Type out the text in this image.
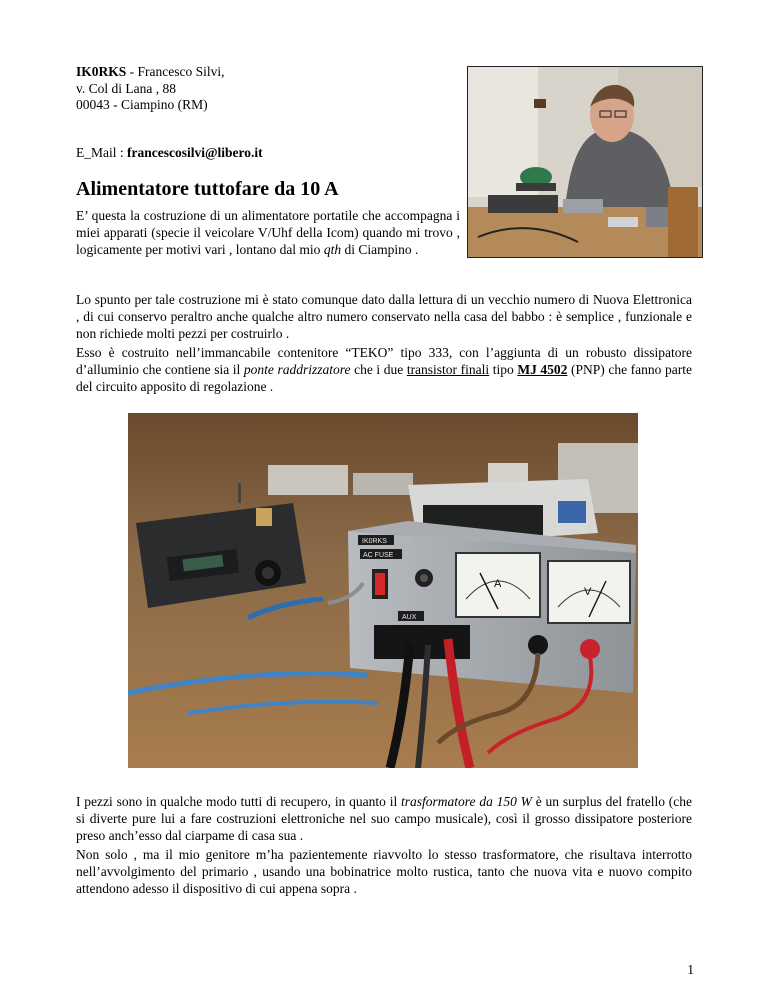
IK0RKS - Francesco Silvi,
v. Col di Lana , 88
00043 - Ciampino (RM)
E_Mail : francescosilvi@libero.it
Alimentatore tuttofare da 10 A

E’ questa la costruzione di un alimentatore portatile che accompagna i miei apparati (specie il veicolare V/Uhf della Icom) quando mi trovo , logicamente per motivi vari , lontano dal mio qth di Ciampino .

Lo spunto per tale costruzione mi è stato comunque dato dalla lettura di un vecchio numero di Nuova Elettronica , di cui conservo peraltro anche qualche altro numero conservato nella casa del babbo : è semplice , funzionale e non richiede molti pezzi per costruirlo .

Esso è costruito nell’immancabile contenitore “TEKO” tipo 333, con l’aggiunta di un robusto dissipatore d’alluminio che contiene sia il ponte raddrizzatore che i due transistor finali tipo MJ 4502 (PNP) che fanno parte del circuito apposito di regolazione .

IK0RKS
AC FUSE
A
V
AUX

I pezzi sono in qualche modo tutti di recupero, in quanto il trasformatore da 150 W è un surplus del fratello (che si diverte pure lui a fare costruzioni elettroniche nel suo campo musicale), così il grosso dissipatore posteriore preso anch’esso dal ciarpame di casa sua .

Non solo , ma il mio genitore m’ha pazientemente riavvolto lo stesso trasformatore, che risultava interrotto nell’avvolgimento del primario , usando una bobinatrice molto rustica, tanto che nuova vita e nuovo compito attendono adesso il dispositivo di cui appena sopra .

1
